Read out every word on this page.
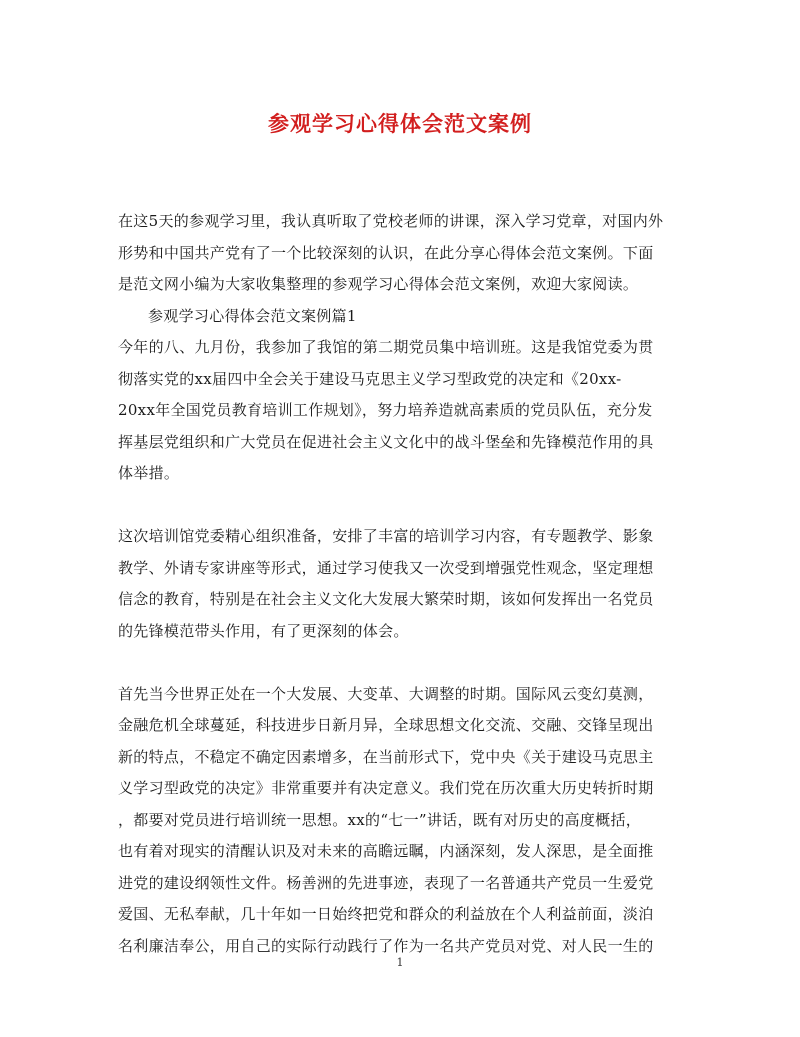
参观学习心得体会范文案例
在这5天的参观学习里，我认真听取了党校老师的讲课，深入学习党章，对国内外
形势和中国共产党有了一个比较深刻的认识，在此分享心得体会范文案例。下面
是范文网小编为大家收集整理的参观学习心得体会范文案例，欢迎大家阅读。
参观学习心得体会范文案例篇1
今年的八、九月份，我参加了我馆的第二期党员集中培训班。这是我馆党委为贯
彻落实党的xx届四中全会关于建设马克思主义学习型政党的决定和《20xx-
20xx年全国党员教育培训工作规划》，努力培养造就高素质的党员队伍，充分发
挥基层党组织和广大党员在促进社会主义文化中的战斗堡垒和先锋模范作用的具
体举措。
这次培训馆党委精心组织准备，安排了丰富的培训学习内容，有专题教学、影象
教学、外请专家讲座等形式，通过学习使我又一次受到增强党性观念，坚定理想
信念的教育，特别是在社会主义文化大发展大繁荣时期，该如何发挥出一名党员
的先锋模范带头作用，有了更深刻的体会。
首先当今世界正处在一个大发展、大变革、大调整的时期。国际风云变幻莫测，
金融危机全球蔓延，科技进步日新月异，全球思想文化交流、交融、交锋呈现出
新的特点，不稳定不确定因素增多，在当前形式下，党中央《关于建设马克思主
义学习型政党的决定》非常重要并有决定意义。我们党在历次重大历史转折时期
，都要对党员进行培训统一思想。xx的“七一”讲话，既有对历史的高度概括，
也有着对现实的清醒认识及对未来的高瞻远瞩，内涵深刻，发人深思，是全面推
进党的建设纲领性文件。杨善洲的先进事迹，表现了一名普通共产党员一生爱党
爱国、无私奉献，几十年如一日始终把党和群众的利益放在个人利益前面，淡泊
名利廉洁奉公，用自己的实际行动践行了作为一名共产党员对党、对人民一生的
1
